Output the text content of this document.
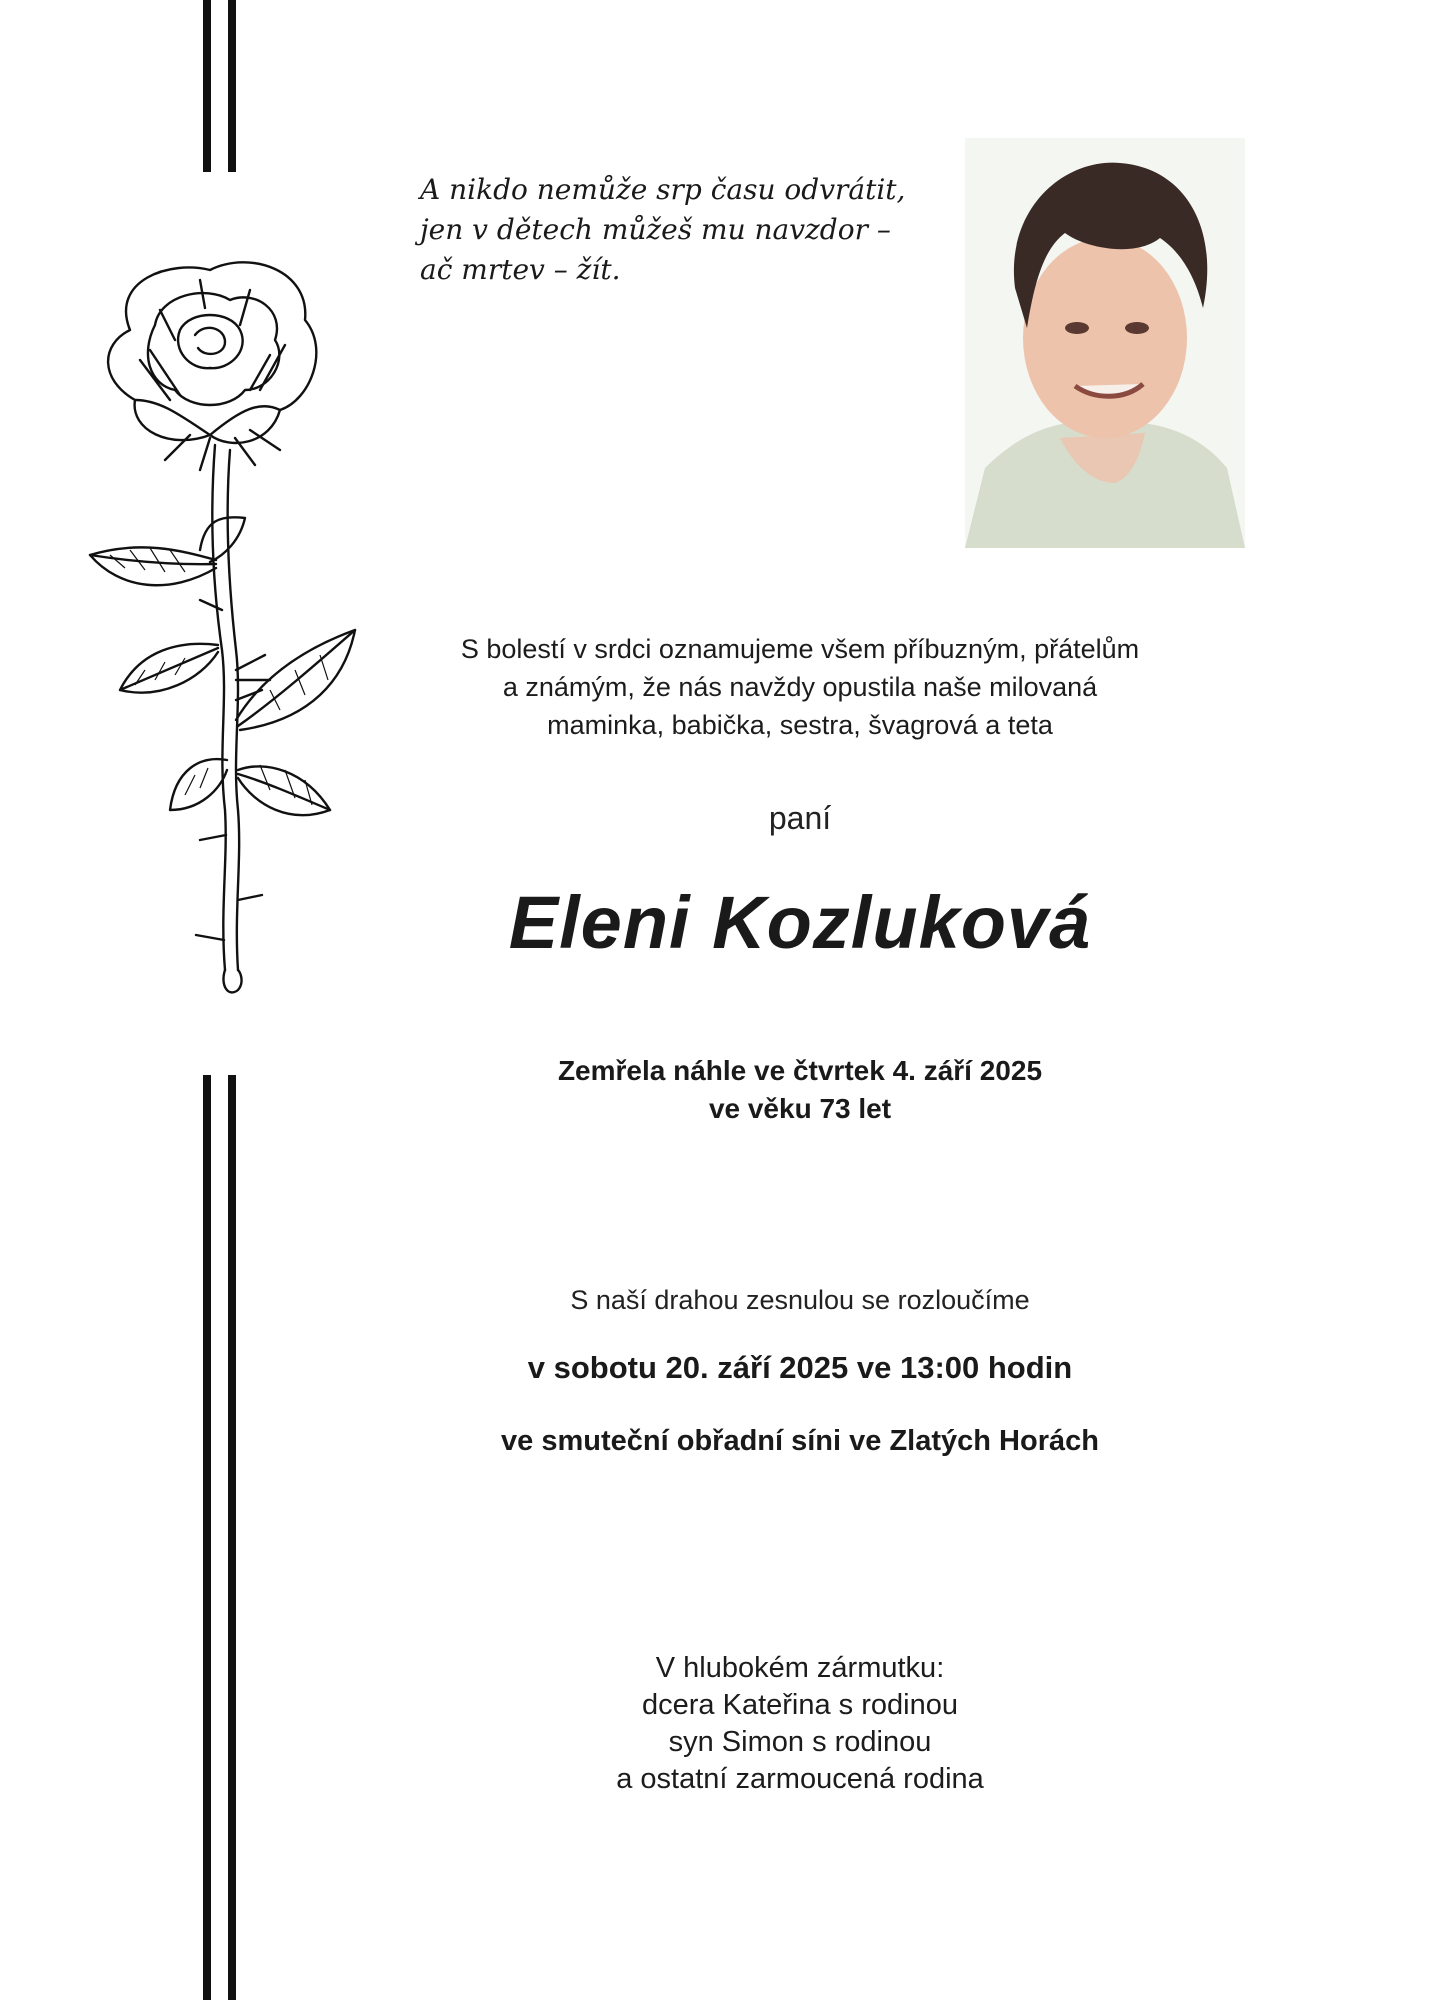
A nikdo nemůže srp času odvrátit,
jen v dětech můžeš mu navzdor –
ač mrtev – žít.
S bolestí v srdci oznamujeme všem příbuzným, přátelům
a známým, že nás navždy opustila naše milovaná
maminka, babička, sestra, švagrová a teta
paní
Eleni Kozluková
Zemřela náhle ve čtvrtek 4. září 2025
ve věku 73 let
S naší drahou zesnulou se rozloučíme
v sobotu 20. září 2025 ve 13:00 hodin
ve smuteční obřadní síni ve Zlatých Horách
V hlubokém zármutku:
dcera Kateřina s rodinou
syn Simon s rodinou
a ostatní zarmoucená rodina
